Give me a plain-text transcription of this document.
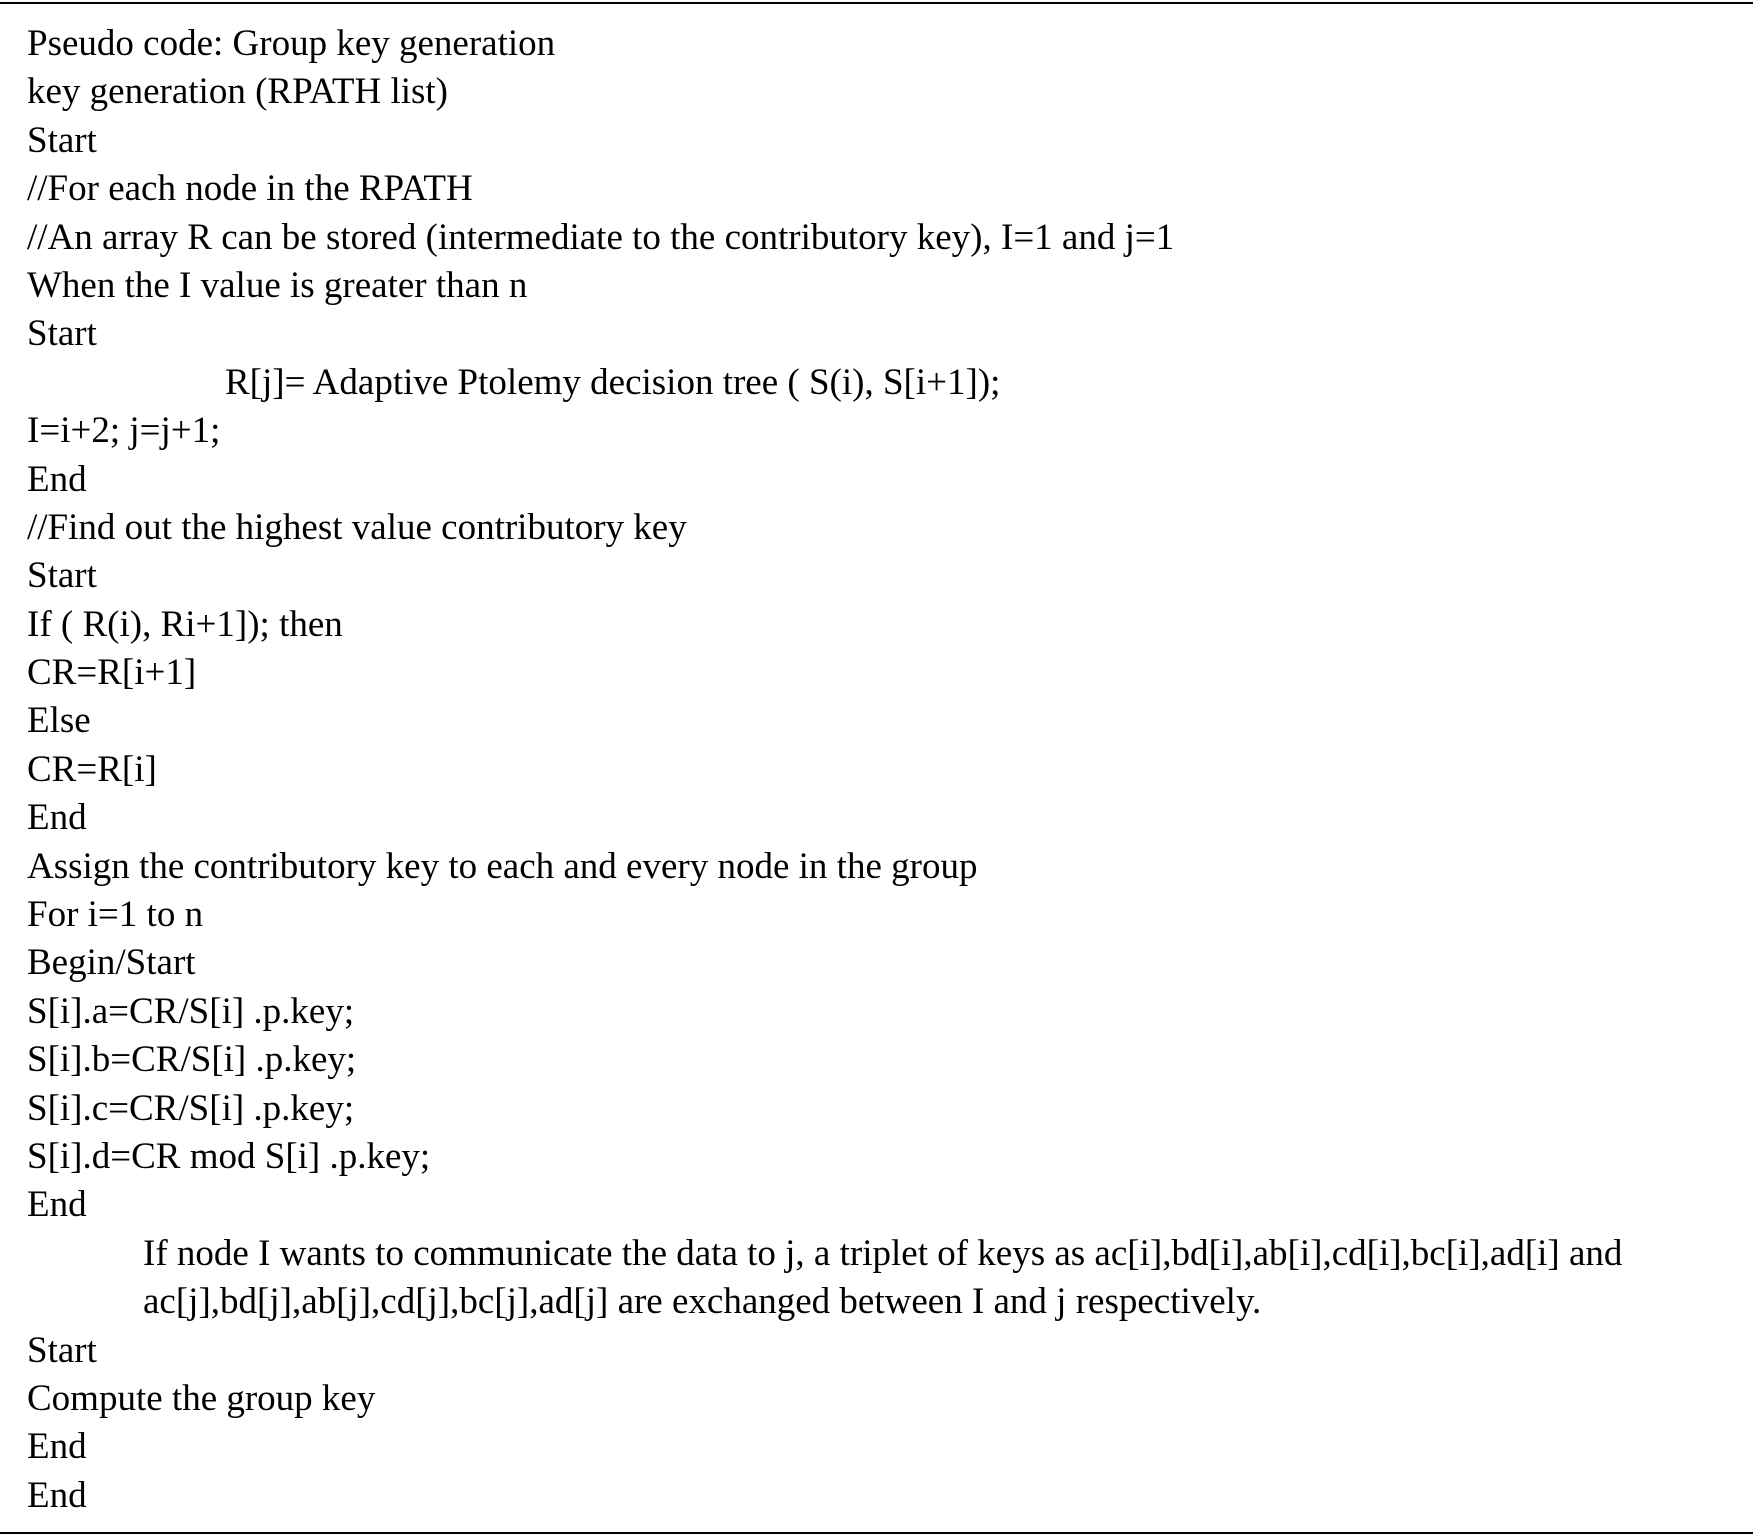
Pseudo code: Group key generation
key generation (RPATH list)
Start
//For each node in the RPATH
//An array R can be stored (intermediate to the contributory key), I=1 and j=1
When the I value is greater than n
Start
R[j]= Adaptive Ptolemy decision tree ( S(i), S[i+1]);
I=i+2; j=j+1;
End
//Find out the highest value contributory key
Start
If ( R(i), Ri+1]); then
CR=R[i+1]
Else
CR=R[i]
End
Assign the contributory key to each and every node in the group
For i=1 to n
Begin/Start
S[i].a=CR/S[i] .p.key;
S[i].b=CR/S[i] .p.key;
S[i].c=CR/S[i] .p.key;
S[i].d=CR mod S[i] .p.key;
End
If node I wants to communicate the data to j, a triplet of keys as ac[i],bd[i],ab[i],cd[i],bc[i],ad[i] and
ac[j],bd[j],ab[j],cd[j],bc[j],ad[j] are exchanged between I and j respectively.
Start
Compute the group key
End
End
